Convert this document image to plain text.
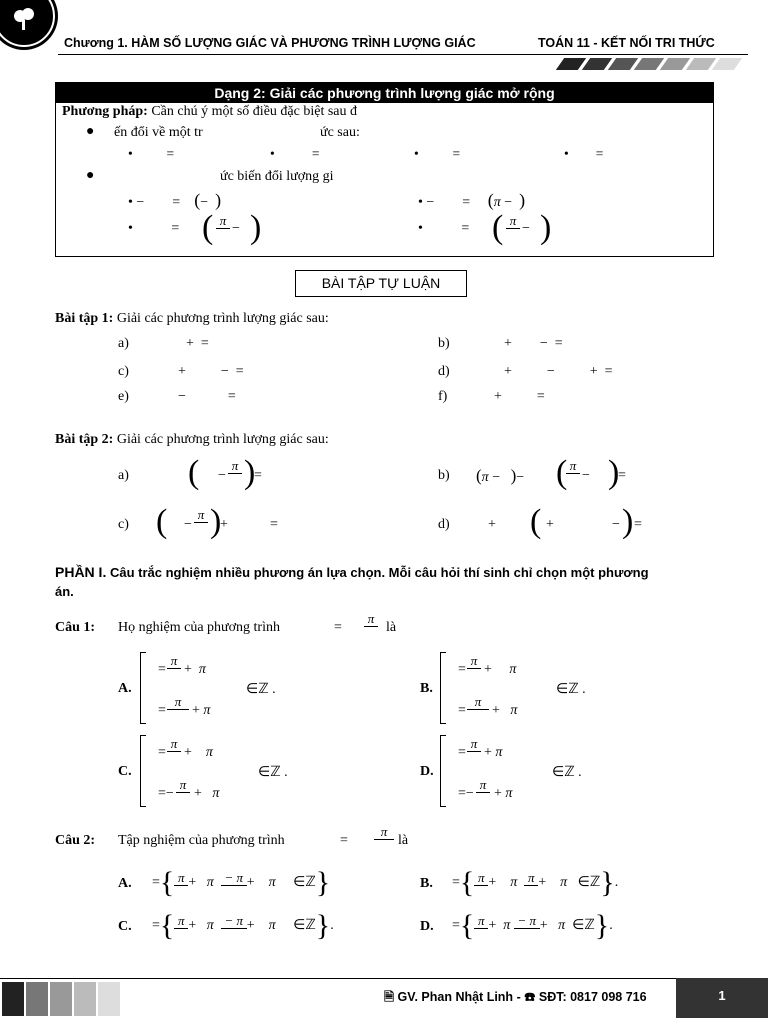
Chương 1. HÀM SỐ LƯỢNG GIÁC VÀ PHƯƠNG TRÌNH LƯỢNG GIÁC	TOÁN 11 - KẾT NỐI TRI THỨC
Dạng 2: Giải các phương trình lượng giác mở rộng
Phương pháp: Cần chú ý một số điều đặc biệt sau đ
● ến đổi về một tr	ức sau:
•          =	•           =	•          =	•        =
●	ức biến đổi lượng gi
• −        =    (−  )	• −        =     (π −  )
•           = ( π
− )	•           = ( π
− )
BÀI TẬP TỰ LUẬN
Bài tập 1: Giải các phương trình lượng giác sau:
a)	+  =	b)	+        −  =
c)	+          −  =	d)	+          −          +  =
e)	−            =	f)	+          =
Bài tập 2: Giải các phương trình lượng giác sau:
a) ( −
π )
=	b) (π −   )− ( π
− )
=
c) ( −
π )
+	=	d)	+ ( +	− ) =
PHẦN I. Câu trắc nghiệm nhiều phương án lựa chọn. Mỗi câu hỏi thí sinh chỉ chọn một phương
án.
Câu 1: Họ nghiệm của phương trình	=
π
là
A.
=
π
+  π
=
π
+ π
∈ℤ .	B.
=
π
+     π
=
π
+   π
∈ℤ .
C.
=
π
+    π
=−
π
+   π
∈ℤ .	D.
=
π
+ π
=−
π
+ π
∈ℤ .
Câu 2: Tập nghiệm của phương trình	=
π
là
A. ={ π +   π − π +    π     ∈ℤ}	B. ={ π +    π π +    π   ∈ℤ}.
C. ={ π +   π − π +    π     ∈ℤ}.	D. ={ π +  π − π +   π  ∈ℤ}.
🗎 GV. Phan Nhật Linh - ☎ SĐT: 0817 098 716	1
